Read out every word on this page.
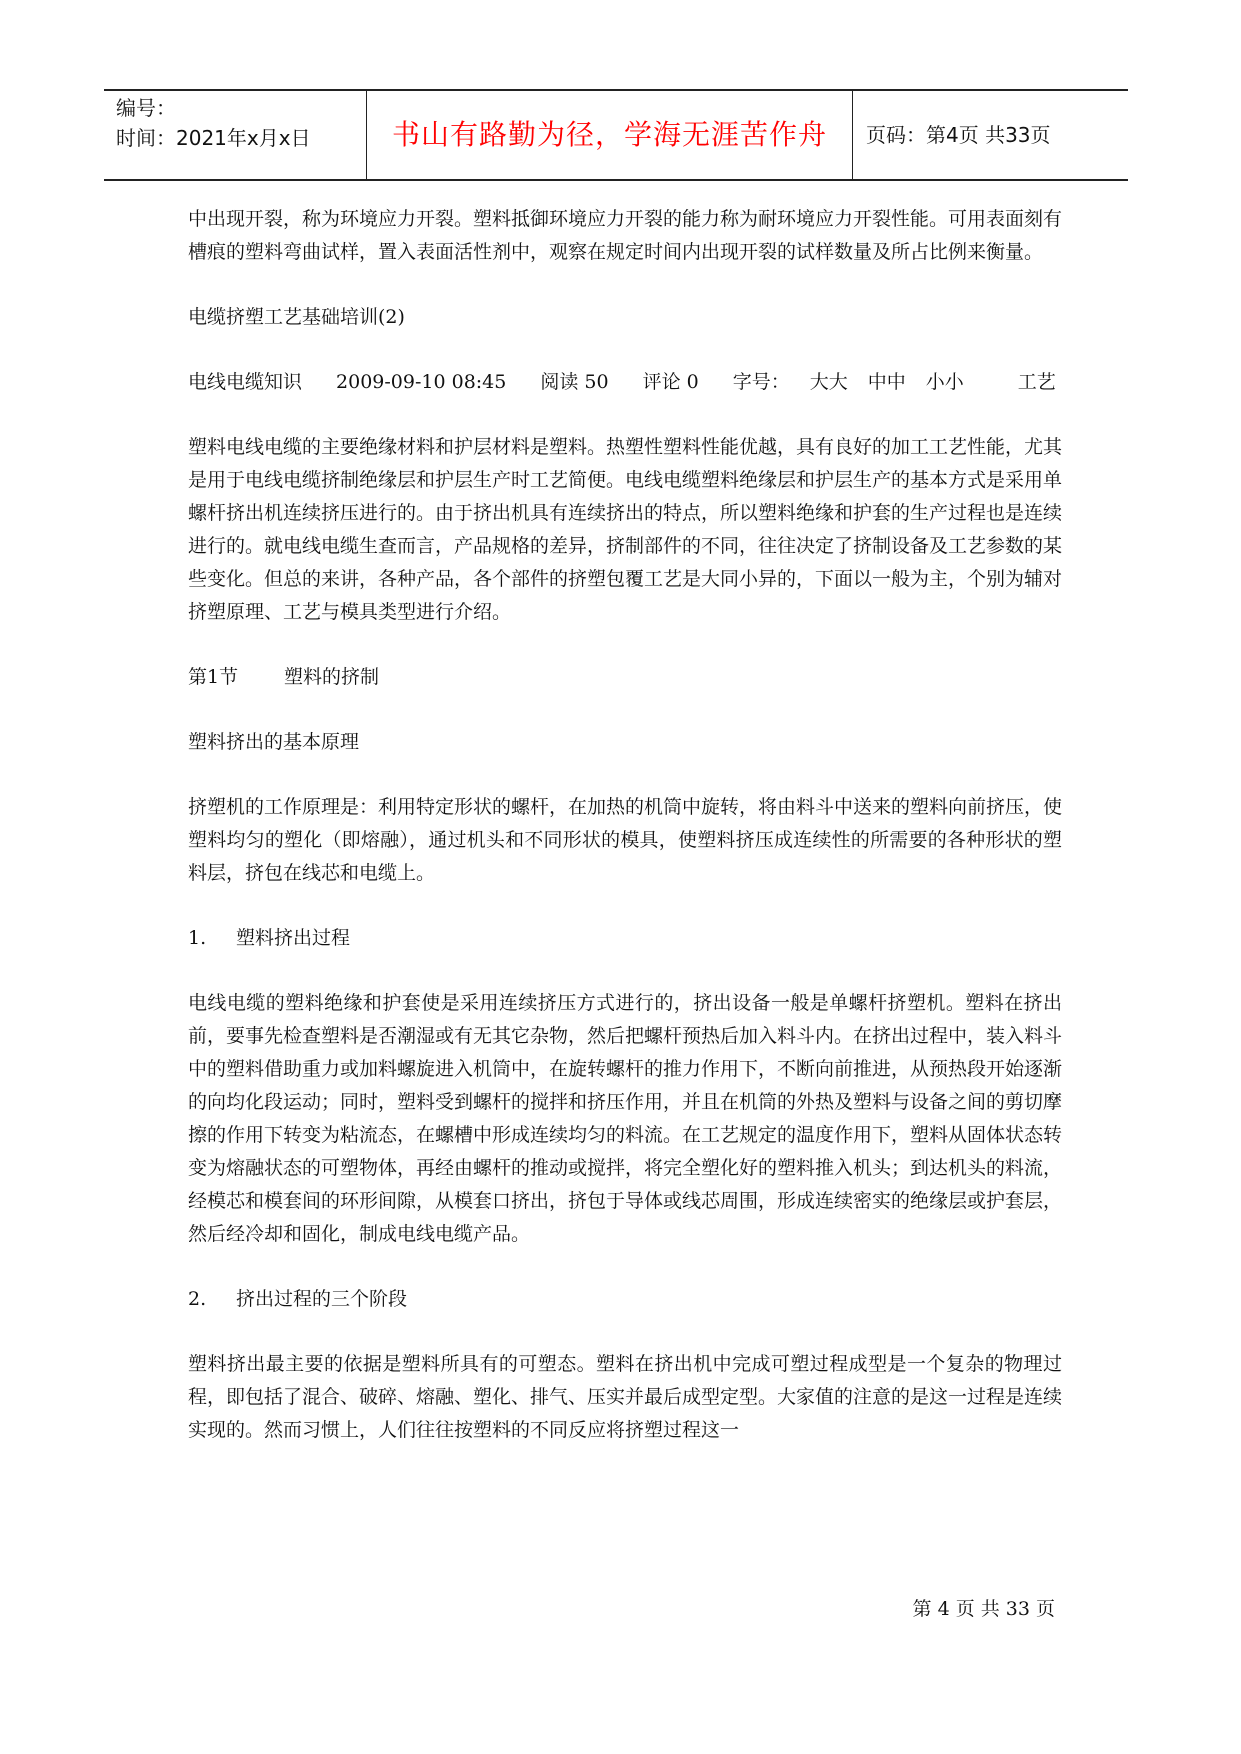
编号：
时间：2021年x月x日	书山有路勤为径，学海无涯苦作舟	页码：第4页 共33页

中出现开裂，称为环境应力开裂。塑料抵御环境应力开裂的能力称为耐环境应力开裂性能。可用表面刻有槽痕的塑料弯曲试样，置入表面活性剂中，观察在规定时间内出现开裂的试样数量及所占比例来衡量。

电缆挤塑工艺基础培训(2)

电线电缆知识 2009-09-10 08:45 阅读 50 评论 0 字号： 大大 中中 小小	工艺

塑料电线电缆的主要绝缘材料和护层材料是塑料。热塑性塑料性能优越，具有良好的加工工艺性能，尤其是用于电线电缆挤制绝缘层和护层生产时工艺简便。电线电缆塑料绝缘层和护层生产的基本方式是采用单螺杆挤出机连续挤压进行的。由于挤出机具有连续挤出的特点，所以塑料绝缘和护套的生产过程也是连续进行的。就电线电缆生查而言，产品规格的差异，挤制部件的不同，往往决定了挤制设备及工艺参数的某些变化。但总的来讲，各种产品，各个部件的挤塑包覆工艺是大同小异的，下面以一般为主，个别为辅对挤塑原理、工艺与模具类型进行介绍。

第1节 塑料的挤制

塑料挤出的基本原理

挤塑机的工作原理是：利用特定形状的螺杆，在加热的机筒中旋转，将由料斗中送来的塑料向前挤压，使塑料均匀的塑化（即熔融），通过机头和不同形状的模具，使塑料挤压成连续性的所需要的各种形状的塑料层，挤包在线芯和电缆上。

1. 塑料挤出过程

电线电缆的塑料绝缘和护套使是采用连续挤压方式进行的，挤出设备一般是单螺杆挤塑机。塑料在挤出前，要事先检查塑料是否潮湿或有无其它杂物，然后把螺杆预热后加入料斗内。在挤出过程中，装入料斗中的塑料借助重力或加料螺旋进入机筒中，在旋转螺杆的推力作用下，不断向前推进，从预热段开始逐渐的向均化段运动；同时，塑料受到螺杆的搅拌和挤压作用，并且在机筒的外热及塑料与设备之间的剪切摩擦的作用下转变为粘流态，在螺槽中形成连续均匀的料流。在工艺规定的温度作用下，塑料从固体状态转变为熔融状态的可塑物体，再经由螺杆的推动或搅拌，将完全塑化好的塑料推入机头；到达机头的料流，经模芯和模套间的环形间隙，从模套口挤出，挤包于导体或线芯周围，形成连续密实的绝缘层或护套层，然后经冷却和固化，制成电线电缆产品。

2. 挤出过程的三个阶段

塑料挤出最主要的依据是塑料所具有的可塑态。塑料在挤出机中完成可塑过程成型是一个复杂的物理过程，即包括了混合、破碎、熔融、塑化、排气、压实并最后成型定型。大家值的注意的是这一过程是连续实现的。然而习惯上，人们往往按塑料的不同反应将挤塑过程这一

第 4 页 共 33 页
